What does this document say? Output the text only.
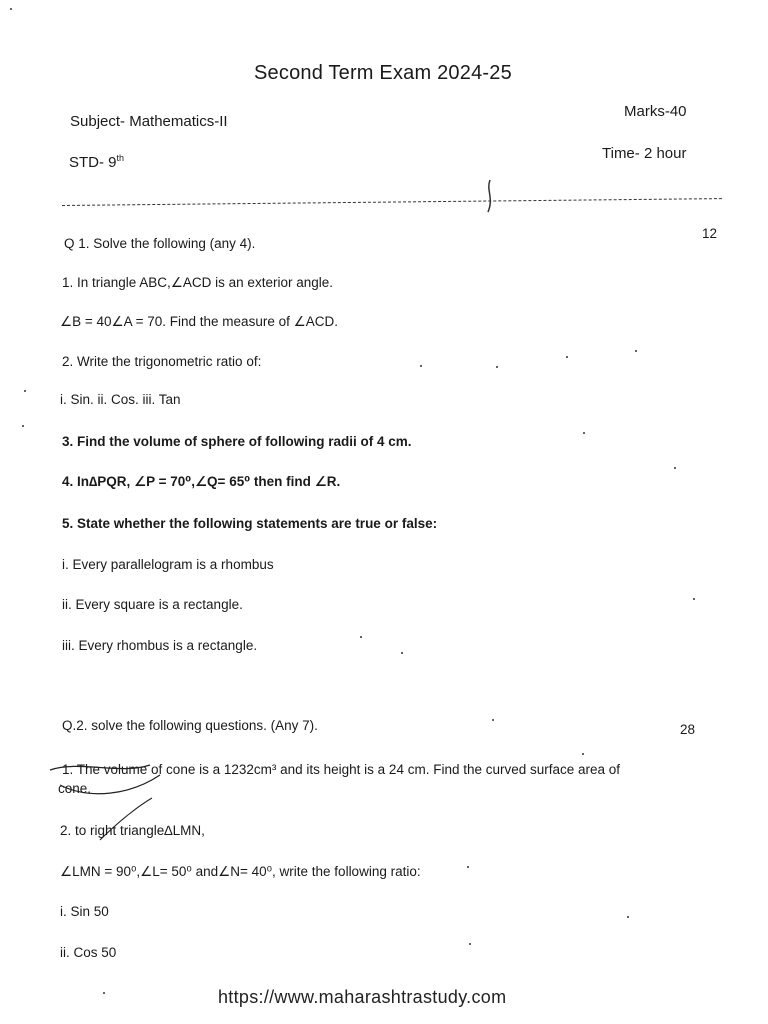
Second Term Exam 2024-25
Subject- Mathematics-II
Marks-40
STD- 9th	Time- 2 hour
Q 1. Solve the following (any 4).
12
1. In triangle ABC,∠ACD is an exterior angle.
∠B = 40∠A = 70. Find the measure of ∠ACD.
2. Write the trigonometric ratio of:
i. Sin. ii. Cos. iii. Tan
3. Find the volume of sphere of following radii of 4 cm.
4. In∆PQR, ∠P = 70⁰,∠Q= 65⁰ then find ∠R.
5. State whether the following statements are true or false:
i. Every parallelogram is a rhombus
ii. Every square is a rectangle.
iii. Every rhombus is a rectangle.
Q.2. solve the following questions. (Any 7).	28
1. The volume of cone is a 1232cm³ and its height is a 24 cm. Find the curved surface area of
cone.
2. to right triangle∆LMN,
∠LMN = 90⁰,∠L= 50⁰ and∠N= 40⁰, write the following ratio:
i. Sin 50
ii. Cos 50
https://www.maharashtrastudy.com
